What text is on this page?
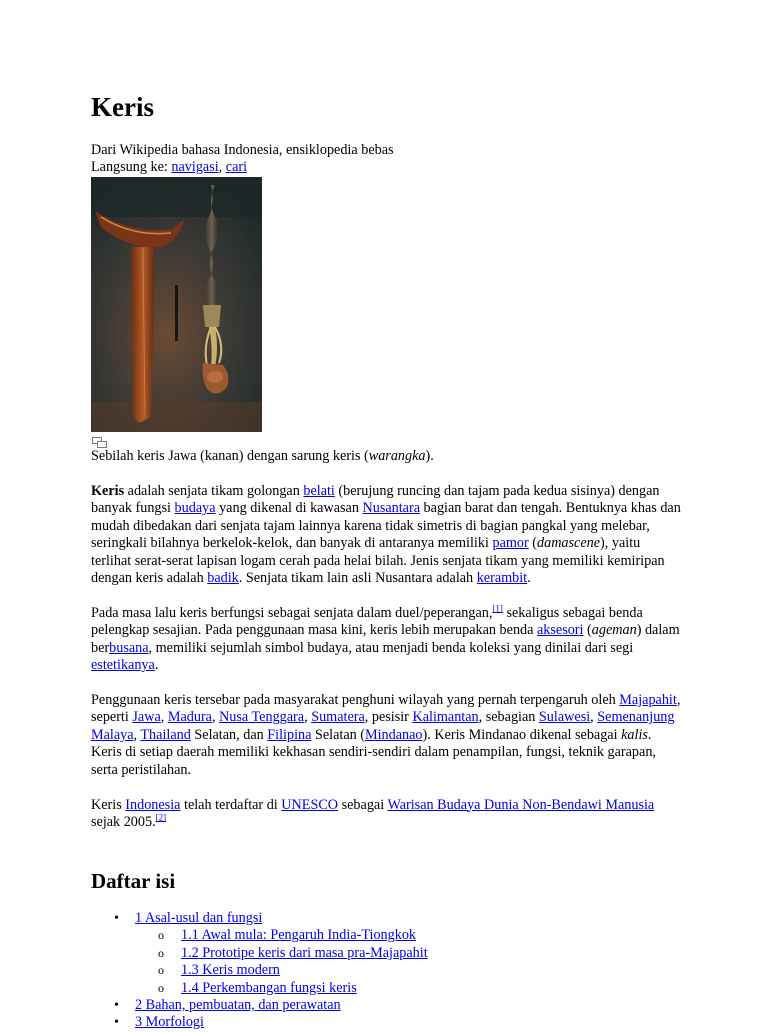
Keris
Dari Wikipedia bahasa Indonesia, ensiklopedia bebas
Langsung ke: navigasi, cari
Sebilah keris Jawa (kanan) dengan sarung keris (warangka).

Keris adalah senjata tikam golongan belati (berujung runcing dan tajam pada kedua sisinya) dengan banyak fungsi budaya yang dikenal di kawasan Nusantara bagian barat dan tengah. Bentuknya khas dan mudah dibedakan dari senjata tajam lainnya karena tidak simetris di bagian pangkal yang melebar, seringkali bilahnya berkelok-kelok, dan banyak di antaranya memiliki pamor (damascene), yaitu terlihat serat-serat lapisan logam cerah pada helai bilah. Jenis senjata tikam yang memiliki kemiripan dengan keris adalah badik. Senjata tikam lain asli Nusantara adalah kerambit.

Pada masa lalu keris berfungsi sebagai senjata dalam duel/peperangan,[1] sekaligus sebagai benda pelengkap sesajian. Pada penggunaan masa kini, keris lebih merupakan benda aksesori (ageman) dalam berbusana, memiliki sejumlah simbol budaya, atau menjadi benda koleksi yang dinilai dari segi estetikanya.

Penggunaan keris tersebar pada masyarakat penghuni wilayah yang pernah terpengaruh oleh Majapahit, seperti Jawa, Madura, Nusa Tenggara, Sumatera, pesisir Kalimantan, sebagian Sulawesi, Semenanjung Malaya, Thailand Selatan, dan Filipina Selatan (Mindanao). Keris Mindanao dikenal sebagai kalis. Keris di setiap daerah memiliki kekhasan sendiri-sendiri dalam penampilan, fungsi, teknik garapan, serta peristilahan.

Keris Indonesia telah terdaftar di UNESCO sebagai Warisan Budaya Dunia Non-Bendawi Manusia sejak 2005.[2]

Daftar isi
• 1 Asal-usul dan fungsi
o 1.1 Awal mula: Pengaruh India-Tiongkok
o 1.2 Prototipe keris dari masa pra-Majapahit
o 1.3 Keris modern
o 1.4 Perkembangan fungsi keris
• 2 Bahan, pembuatan, dan perawatan
• 3 Morfologi
